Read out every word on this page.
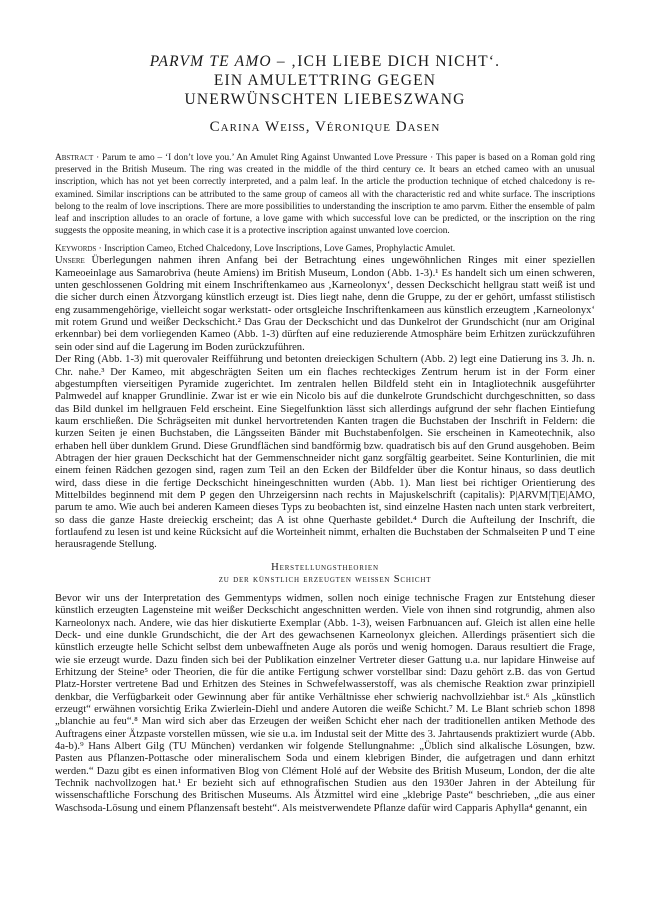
PARVM TE AMO – ‚ICH LIEBE DICH NICHT‘.
EIN AMULETTRING GEGEN
UNERWÜNSCHTEN LIEBESZWANG
Carina Weiß, Véronique Dasen
Abstract · Parum te amo – ‘I don’t love you.’ An Amulet Ring Against Unwanted Love Pressure · This paper is based on a Roman gold ring preserved in the British Museum. The ring was created in the middle of the third century ce. It bears an etched cameo with an unusual inscription, which has not yet been correctly interpreted, and a palm leaf. In the article the production technique of etched chalcedony is re-examined. Similar inscriptions can be attributed to the same group of cameos all with the characteristic red and white surface. The inscriptions belong to the realm of love inscriptions. There are more possibilities to understanding the inscription te amo parvm. Either the ensemble of palm leaf and inscription alludes to an oracle of fortune, a love game with which successful love can be predicted, or the inscription on the ring suggests the opposite meaning, in which case it is a protective inscription against unwanted love coercion.
Keywords · Inscription Cameo, Etched Chalcedony, Love Inscriptions, Love Games, Prophylactic Amulet.

Unsere Überlegungen nahmen ihren Anfang bei der Betrachtung eines ungewöhnlichen Ringes mit einer speziellen Kameoeinlage aus Samarobriva (heute Amiens) im British Museum, London (Abb. 1-3).¹ Es handelt sich um einen schweren, unten geschlossenen Goldring mit einem Inschriftenkameo aus ‚Karneolonyx‘, dessen Deckschicht hellgrau statt weiß ist und die sicher durch einen Ätzvorgang künstlich erzeugt ist. Dies liegt nahe, denn die Gruppe, zu der er gehört, umfasst stilistisch eng zusammengehörige, vielleicht sogar werkstatt- oder ortsgleiche Inschriftenkameen aus künstlich erzeugtem ‚Karneolonyx‘ mit rotem Grund und weißer Deckschicht.² Das Grau der Deckschicht und das Dunkelrot der Grundschicht (nur am Original erkennbar) bei dem vorliegenden Kameo (Abb. 1-3) dürften auf eine reduzierende Atmosphäre beim Erhitzen zurückzuführen sein oder sind auf die Lagerung im Boden zurückzuführen.

Der Ring (Abb. 1-3) mit querovaler Reifführung und betonten dreieckigen Schultern (Abb. 2) legt eine Datierung ins 3. Jh. n. Chr. nahe.³ Der Kameo, mit abgeschrägten Seiten um ein flaches rechteckiges Zentrum herum ist in der Form einer abgestumpften vierseitigen Pyramide zugerichtet. Im zentralen hellen Bildfeld steht ein in Intagliotechnik ausgeführter Palmwedel auf knapper Grundlinie. Zwar ist er wie ein Nicolo bis auf die dunkelrote Grundschicht durchgeschnitten, so dass das Bild dunkel im hellgrauen Feld erscheint. Eine Siegelfunktion lässt sich allerdings aufgrund der sehr flachen Eintiefung kaum erschließen. Die Schrägseiten mit dunkel hervortretenden Kanten tragen die Buchstaben der Inschrift in Feldern: die kurzen Seiten je einen Buchstaben, die Längsseiten Bänder mit Buchstabenfolgen. Sie erscheinen in Kameotechnik, also erhaben hell über dunklem Grund. Diese Grundflächen sind bandförmig bzw. quadratisch bis auf den Grund ausgehoben. Beim Abtragen der hier grauen Deckschicht hat der Gemmenschneider nicht ganz sorgfältig gearbeitet. Seine Konturlinien, die mit einem feinen Rädchen gezogen sind, ragen zum Teil an den Ecken der Bildfelder über die Kontur hinaus, so dass deutlich wird, dass diese in die fertige Deckschicht hineingeschnitten wurden (Abb. 1). Man liest bei richtiger Orientierung des Mittelbildes beginnend mit dem P gegen den Uhrzeigersinn nach rechts in Majuskelschrift (capitalis): P|ARVM|T|E|AMO, parum te amo. Wie auch bei anderen Kameen dieses Typs zu beobachten ist, sind einzelne Hasten nach unten stark verbreitert, so dass die ganze Haste dreieckig erscheint; das A ist ohne Querhaste gebildet.⁴ Durch die Aufteilung der Inschrift, die fortlaufend zu lesen ist und keine Rücksicht auf die Worteinheit nimmt, erhalten die Buchstaben der Schmalseiten P und T eine herausragende Stellung.

Herstellungstheorien
zu der künstlich erzeugten weißen Schicht

Bevor wir uns der Interpretation des Gemmentyps widmen, sollen noch einige technische Fragen zur Entstehung dieser künstlich erzeugten Lagensteine mit weißer Deckschicht angeschnitten werden. Viele von ihnen sind rotgrundig, ahmen also Karneolonyx nach. Andere, wie das hier diskutierte Exemplar (Abb. 1-3), weisen Farbnuancen auf. Gleich ist allen eine helle Deck- und eine dunkle Grundschicht, die der Art des gewachsenen Karneolonyx gleichen. Allerdings präsentiert sich die künstlich erzeugte helle Schicht selbst dem unbewaffneten Auge als porös und wenig homogen. Daraus resultiert die Frage, wie sie erzeugt wurde. Dazu finden sich bei der Publikation einzelner Vertreter dieser Gattung u.a. nur lapidare Hinweise auf Erhitzung der Steine⁵ oder Theorien, die für die antike Fertigung schwer vorstellbar sind: Dazu gehört z.B. das von Gertud Platz-Horster vertretene Bad und Erhitzen des Steines in Schwefelwasserstoff, was als chemische Reaktion zwar prinzipiell denkbar, die Verfügbarkeit oder Gewinnung aber für antike Verhältnisse eher schwierig nachvollziehbar ist.⁶ Als „künstlich erzeugt“ erwähnen vorsichtig Erika Zwierlein-Diehl und andere Autoren die weiße Schicht.⁷ M. Le Blant schrieb schon 1898 „blanchie au feu“.⁸ Man wird sich aber das Erzeugen der weißen Schicht eher nach der traditionellen antiken Methode des Auftragens einer Ätzpaste vorstellen müssen, wie sie u.a. im Industal seit der Mitte des 3. Jahrtausends praktiziert wurde (Abb. 4a-b).⁹ Hans Albert Gilg (TU München) verdanken wir folgende Stellungnahme: „Üblich sind alkalische Lösungen, bzw. Pasten aus Pflanzen-Pottasche oder mineralischem Soda und einem klebrigen Binder, die aufgetragen und dann erhitzt werden.“ Dazu gibt es einen informativen Blog von Clément Holé auf der Website des British Museum, London, der die alte Technik nachvollzogen hat.¹ Er bezieht sich auf ethnografischen Studien aus den 1930er Jahren in der Abteilung für wissenschaftliche Forschung des Britischen Museums. Als Ätzmittel wird eine „klebrige Paste“ beschrieben, „die aus einer Waschsoda-Lösung und einem Pflanzensaft besteht“. Als meistverwendete Pflanze dafür wird Capparis Aphylla⁴ genannt, ein
